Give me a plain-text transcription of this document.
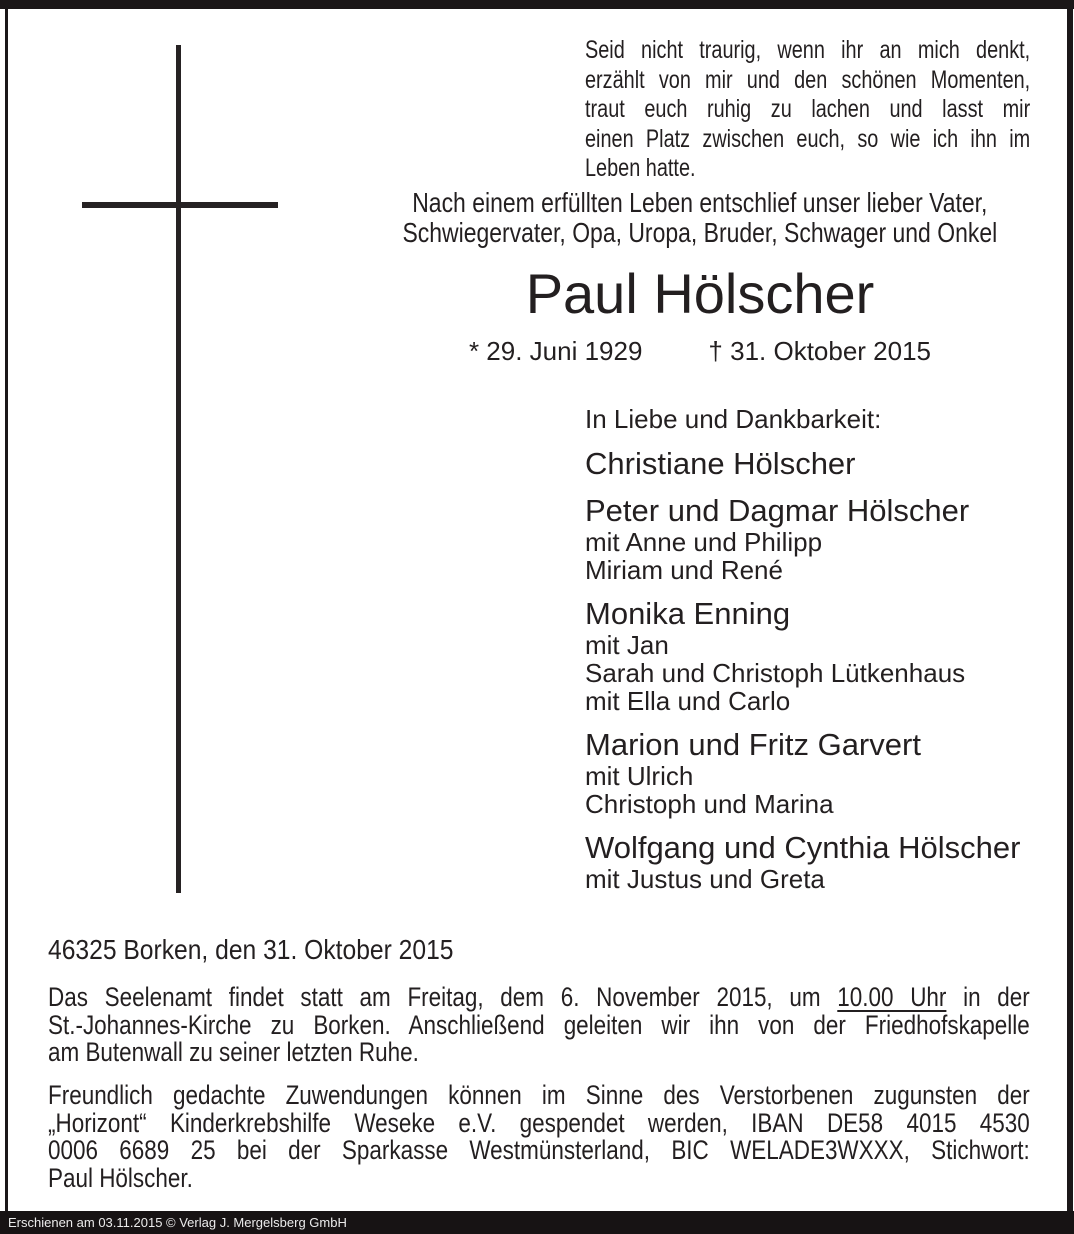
Seid nicht traurig, wenn ihr an mich denkt,
erzählt von mir und den schönen Momenten,
traut euch ruhig zu lachen und lasst mir
einen Platz zwischen euch, so wie ich ihn im
Leben hatte.
Nach einem erfüllten Leben entschlief unser lieber Vater,
Schwiegervater, Opa, Uropa, Bruder, Schwager und Onkel
Paul Hölscher
* 29. Juni 1929	† 31. Oktober 2015
In Liebe und Dankbarkeit:
Christiane Hölscher
Peter und Dagmar Hölscher
mit Anne und Philipp
Miriam und René
Monika Enning
mit Jan
Sarah und Christoph Lütkenhaus
mit Ella und Carlo
Marion und Fritz Garvert
mit Ulrich
Christoph und Marina
Wolfgang und Cynthia Hölscher
mit Justus und Greta
46325 Borken, den 31. Oktober 2015
Das Seelenamt findet statt am Freitag, dem 6. November 2015, um 10.00 Uhr in der
St.-Johannes-Kirche zu Borken. Anschließend geleiten wir ihn von der Friedhofskapelle
am Butenwall zu seiner letzten Ruhe.
Freundlich gedachte Zuwendungen können im Sinne des Verstorbenen zugunsten der
„Horizont“ Kinderkrebshilfe Weseke e.V. gespendet werden, IBAN DE58 4015 4530
0006 6689 25 bei der Sparkasse Westmünsterland, BIC WELADE3WXXX, Stichwort:
Paul Hölscher.
Erschienen am 03.11.2015 © Verlag J. Mergelsberg GmbH
